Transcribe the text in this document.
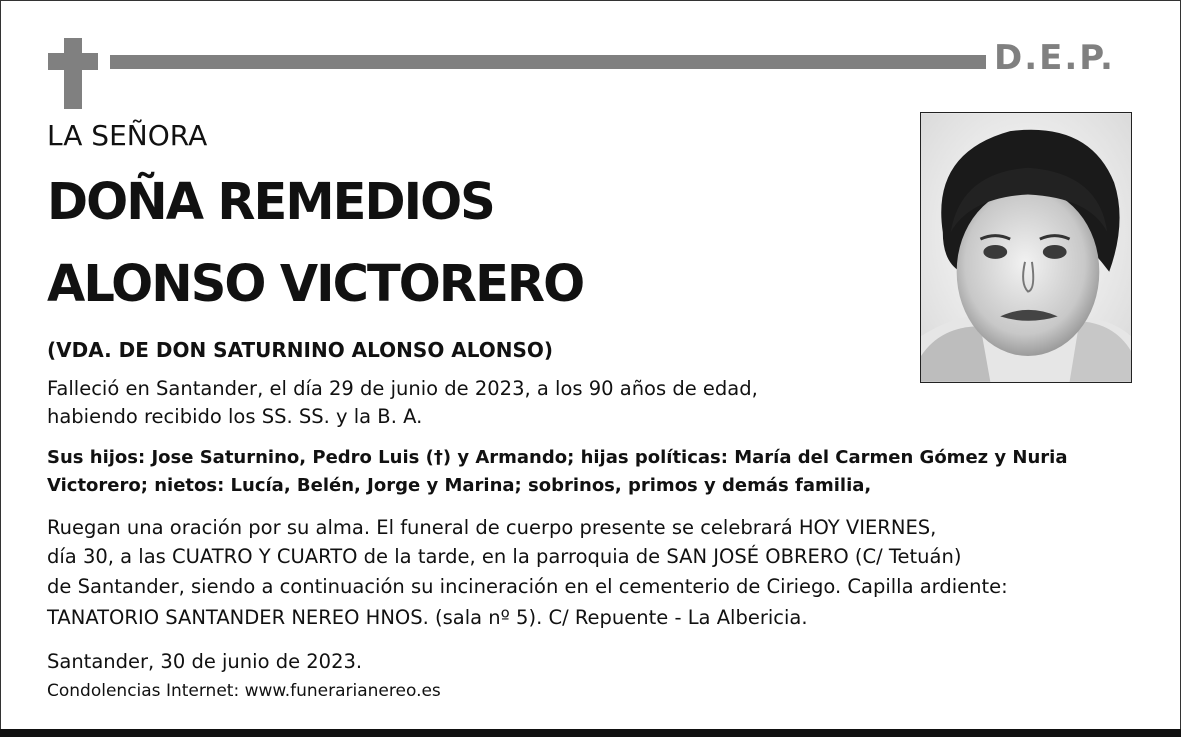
D.E.P.
LA SEÑORA
DOÑA REMEDIOS
ALONSO VICTORERO
(VDA. DE DON SATURNINO ALONSO ALONSO)
Falleció en Santander, el día 29 de junio de 2023, a los 90 años de edad,
habiendo recibido los SS. SS. y la B. A.
Sus hijos: Jose Saturnino, Pedro Luis (†) y Armando; hijas políticas: María del Carmen Gómez y Nuria
Victorero; nietos: Lucía, Belén, Jorge y Marina; sobrinos, primos y demás familia,
Ruegan una oración por su alma. El funeral de cuerpo presente se celebrará HOY VIERNES,
día 30, a las CUATRO Y CUARTO de la tarde, en la parroquia de SAN JOSÉ OBRERO (C/ Tetuán)
de Santander, siendo a continuación su incineración en el cementerio de Ciriego. Capilla ardiente:
TANATORIO SANTANDER NEREO HNOS. (sala nº 5). C/ Repuente - La Albericia.
Santander, 30 de junio de 2023.
Condolencias Internet: www.funerarianereo.es
